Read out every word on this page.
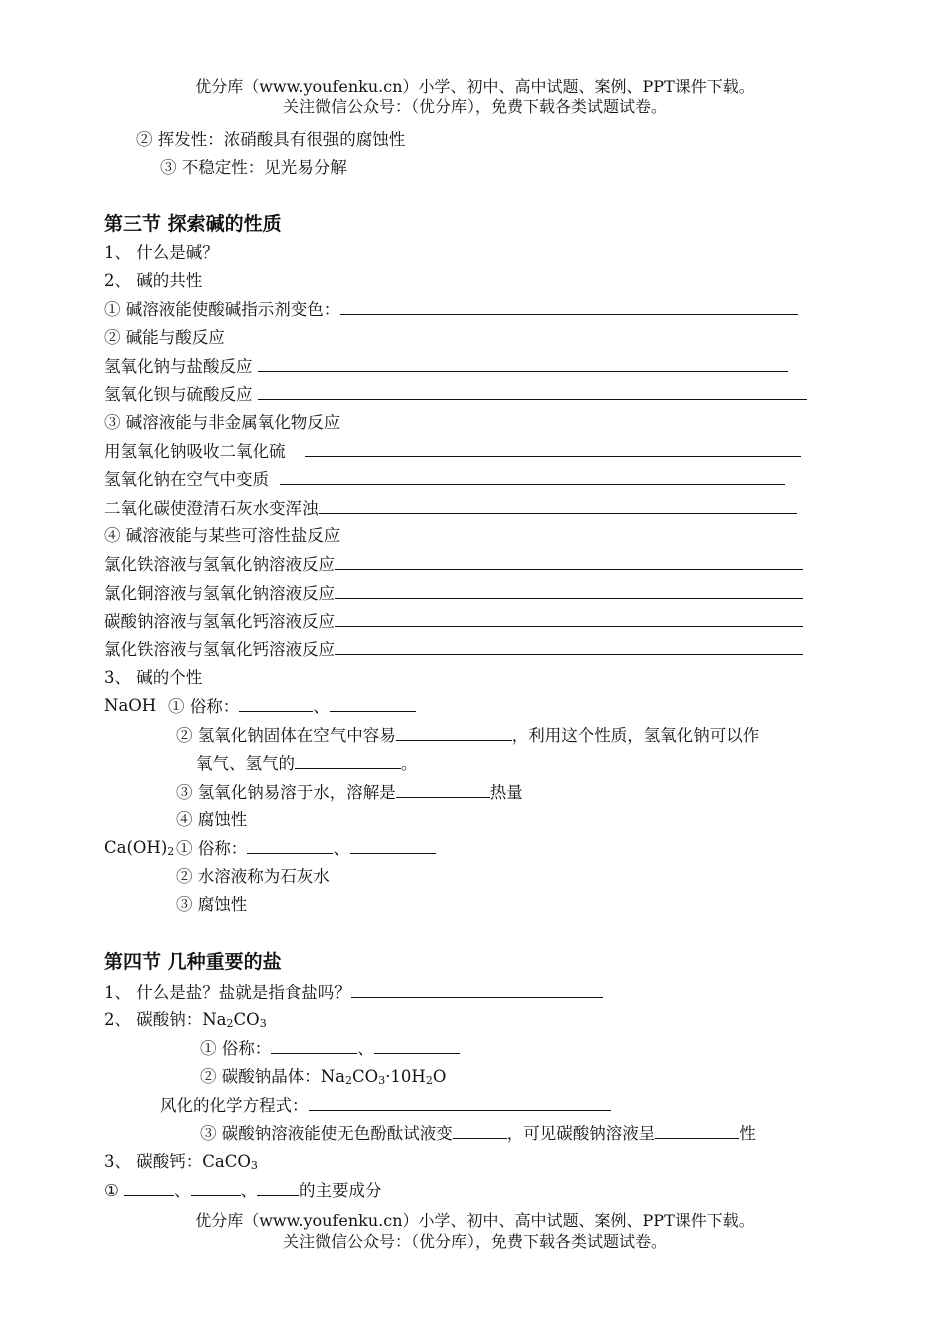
优分库（www.youfenku.cn）小学、初中、高中试题、案例、PPT课件下载。
关注微信公众号：（优分库），免费下载各类试题试卷。
② 挥发性：浓硝酸具有很强的腐蚀性
③ 不稳定性：见光易分解
第三节 探索碱的性质
1、 什么是碱？
2、 碱的共性
① 碱溶液能使酸碱指示剂变色：
② 碱能与酸反应
氢氧化钠与盐酸反应
氢氧化钡与硫酸反应
③ 碱溶液能与非金属氧化物反应
用氢氧化钠吸收二氧化硫
氢氧化钠在空气中变质
二氧化碳使澄清石灰水变浑浊
④ 碱溶液能与某些可溶性盐反应
氯化铁溶液与氢氧化钠溶液反应
氯化铜溶液与氢氧化钠溶液反应
碳酸钠溶液与氢氧化钙溶液反应
氯化铁溶液与氢氧化钙溶液反应
3、 碱的个性
NaOH ① 俗称：	、
② 氢氧化钠固体在空气中容易	，利用这个性质，氢氧化钠可以作
氧气、氢气的	。
③ 氢氧化钠易溶于水，溶解是	热量
④ 腐蚀性
$Ca(OH)_2$ ① 俗称：	、
② 水溶液称为石灰水
③ 腐蚀性
第四节 几种重要的盐
1、 什么是盐？盐就是指食盐吗？
2、 碳酸钠：$Na_2CO_3$
① 俗称：	、
② 碳酸钠晶体：$Na_2CO_3\cdot 10H_2O$
风化的化学方程式：
③ 碳酸钠溶液能使无色酚酞试液变	，可见碳酸钠溶液呈	性
3、 碳酸钙：CaCO$_3$
①	、	、	的主要成分
优分库（www.youfenku.cn）小学、初中、高中试题、案例、PPT课件下载。
关注微信公众号：（优分库），免费下载各类试题试卷。
